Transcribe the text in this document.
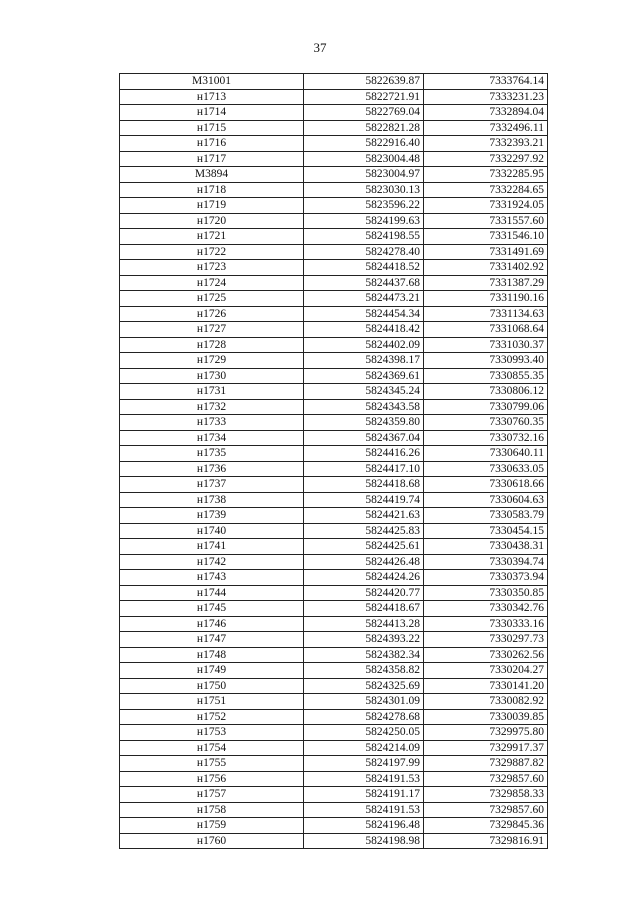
37
М31001	5822639.87	7333764.14
н1713	5822721.91	7333231.23
н1714	5822769.04	7332894.04
н1715	5822821.28	7332496.11
н1716	5822916.40	7332393.21
н1717	5823004.48	7332297.92
М3894	5823004.97	7332285.95
н1718	5823030.13	7332284.65
н1719	5823596.22	7331924.05
н1720	5824199.63	7331557.60
н1721	5824198.55	7331546.10
н1722	5824278.40	7331491.69
н1723	5824418.52	7331402.92
н1724	5824437.68	7331387.29
н1725	5824473.21	7331190.16
н1726	5824454.34	7331134.63
н1727	5824418.42	7331068.64
н1728	5824402.09	7331030.37
н1729	5824398.17	7330993.40
н1730	5824369.61	7330855.35
н1731	5824345.24	7330806.12
н1732	5824343.58	7330799.06
н1733	5824359.80	7330760.35
н1734	5824367.04	7330732.16
н1735	5824416.26	7330640.11
н1736	5824417.10	7330633.05
н1737	5824418.68	7330618.66
н1738	5824419.74	7330604.63
н1739	5824421.63	7330583.79
н1740	5824425.83	7330454.15
н1741	5824425.61	7330438.31
н1742	5824426.48	7330394.74
н1743	5824424.26	7330373.94
н1744	5824420.77	7330350.85
н1745	5824418.67	7330342.76
н1746	5824413.28	7330333.16
н1747	5824393.22	7330297.73
н1748	5824382.34	7330262.56
н1749	5824358.82	7330204.27
н1750	5824325.69	7330141.20
н1751	5824301.09	7330082.92
н1752	5824278.68	7330039.85
н1753	5824250.05	7329975.80
н1754	5824214.09	7329917.37
н1755	5824197.99	7329887.82
н1756	5824191.53	7329857.60
н1757	5824191.17	7329858.33
н1758	5824191.53	7329857.60
н1759	5824196.48	7329845.36
н1760	5824198.98	7329816.91
